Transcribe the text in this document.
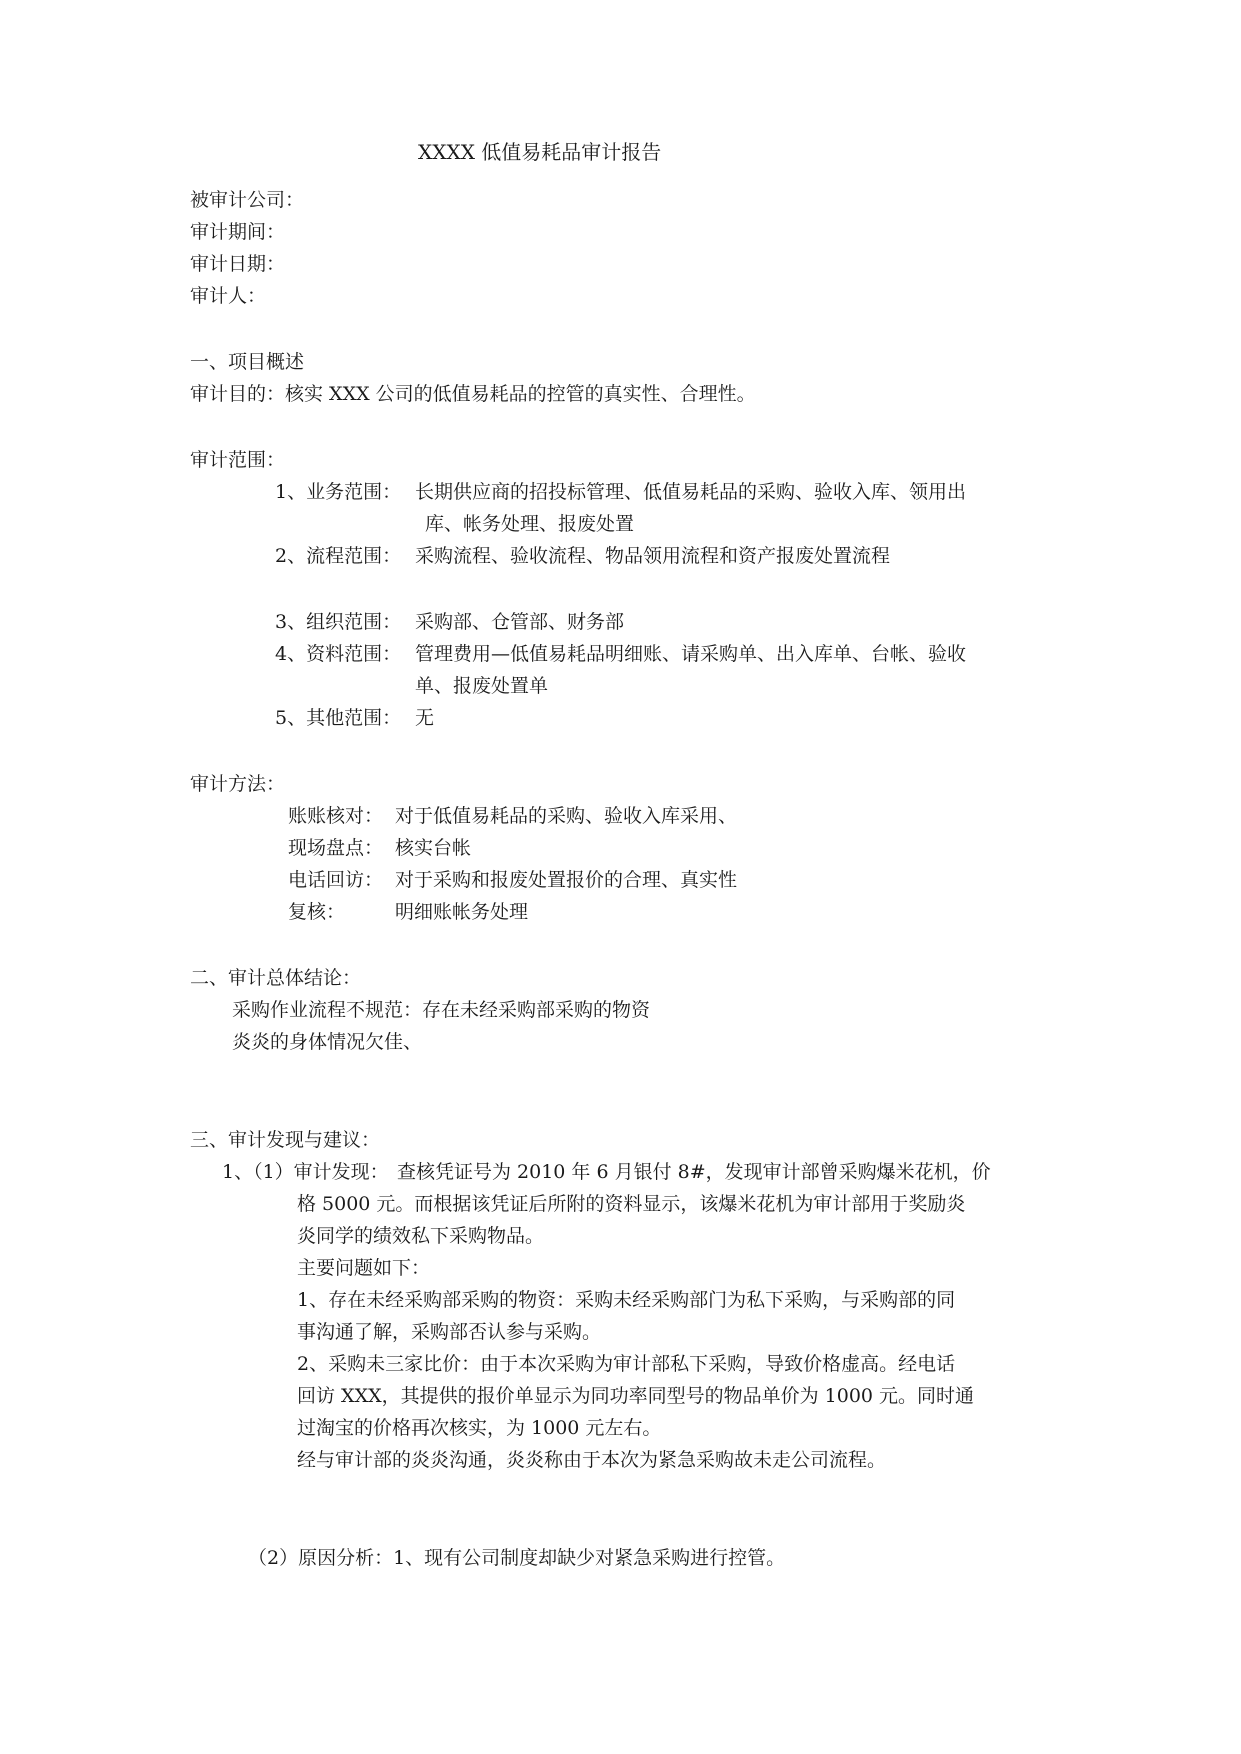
XXXX 低值易耗品审计报告
被审计公司：
审计期间：
审计日期：
审计人：
一、项目概述
审计目的：核实 XXX 公司的低值易耗品的控管的真实性、合理性。
审计范围：
1、业务范围： 长期供应商的招投标管理、低值易耗品的采购、验收入库、领用出
库、帐务处理、报废处置
2、流程范围： 采购流程、验收流程、物品领用流程和资产报废处置流程
3、组织范围： 采购部、仓管部、财务部
4、资料范围： 管理费用—低值易耗品明细账、请采购单、出入库单、台帐、验收
单、报废处置单
5、其他范围： 无
审计方法：
账账核对： 对于低值易耗品的采购、验收入库采用、
现场盘点： 核实台帐
电话回访： 对于采购和报废处置报价的合理、真实性
复核：	明细账帐务处理
二、审计总体结论：
采购作业流程不规范：存在未经采购部采购的物资
炎炎的身体情况欠佳、
三、审计发现与建议：
1、（1）审计发现： 查核凭证号为 2010 年 6 月银付 8#，发现审计部曾采购爆米花机，价
格 5000 元。而根据该凭证后所附的资料显示，该爆米花机为审计部用于奖励炎
炎同学的绩效私下采购物品。
主要问题如下：
1、存在未经采购部采购的物资：采购未经采购部门为私下采购，与采购部的同
事沟通了解，采购部否认参与采购。
2、采购未三家比价：由于本次采购为审计部私下采购，导致价格虚高。经电话
回访 XXX，其提供的报价单显示为同功率同型号的物品单价为 1000 元。同时通
过淘宝的价格再次核实，为 1000 元左右。
经与审计部的炎炎沟通，炎炎称由于本次为紧急采购故未走公司流程。
（2）原因分析：1、现有公司制度却缺少对紧急采购进行控管。
